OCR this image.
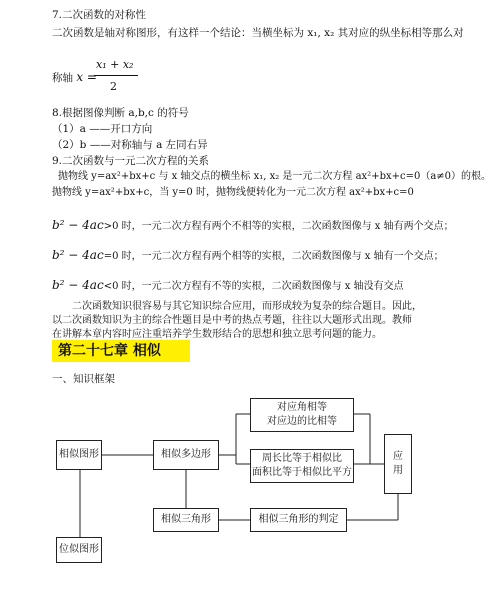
7.二次函数的对称性
二次函数是轴对称图形，有这样一个结论：当横坐标为 x₁, x₂ 其对应的纵坐标相等那么对
称轴 x =
x₁ + x₂
2
8.根据图像判断 a,b,c 的符号
（1）a ——开口方向
（2）b ——对称轴与 a 左同右异
9.二次函数与一元二次方程的关系
抛物线 y=ax²+bx+c 与 x 轴交点的横坐标 x₁, x₂ 是一元二次方程 ax²+bx+c=0（a≠0）的根。
抛物线 y=ax²+bx+c，当 y=0 时，抛物线便转化为一元二次方程 ax²+bx+c=0
b² − 4ac>0 时，一元二次方程有两个不相等的实根，二次函数图像与 x 轴有两个交点；
b² − 4ac=0 时，一元二次方程有两个相等的实根，二次函数图像与 x 轴有一个交点；
b² − 4ac<0 时，一元二次方程有不等的实根，二次函数图像与 x 轴没有交点
二次函数知识很容易与其它知识综合应用，而形成较为复杂的综合题目。因此，
以二次函数知识为主的综合性题目是中考的热点考题，往往以大题形式出现。教师
在讲解本章内容时应注重培养学生数形结合的思想和独立思考问题的能力。
第二十七章 相似
一、知识框架
相似图形	相似多边形
对应角相等
对应边的比相等
周长比等于相似比
面积比等于相似比平方
应
用
相似三角形	相似三角形的判定
位似图形
